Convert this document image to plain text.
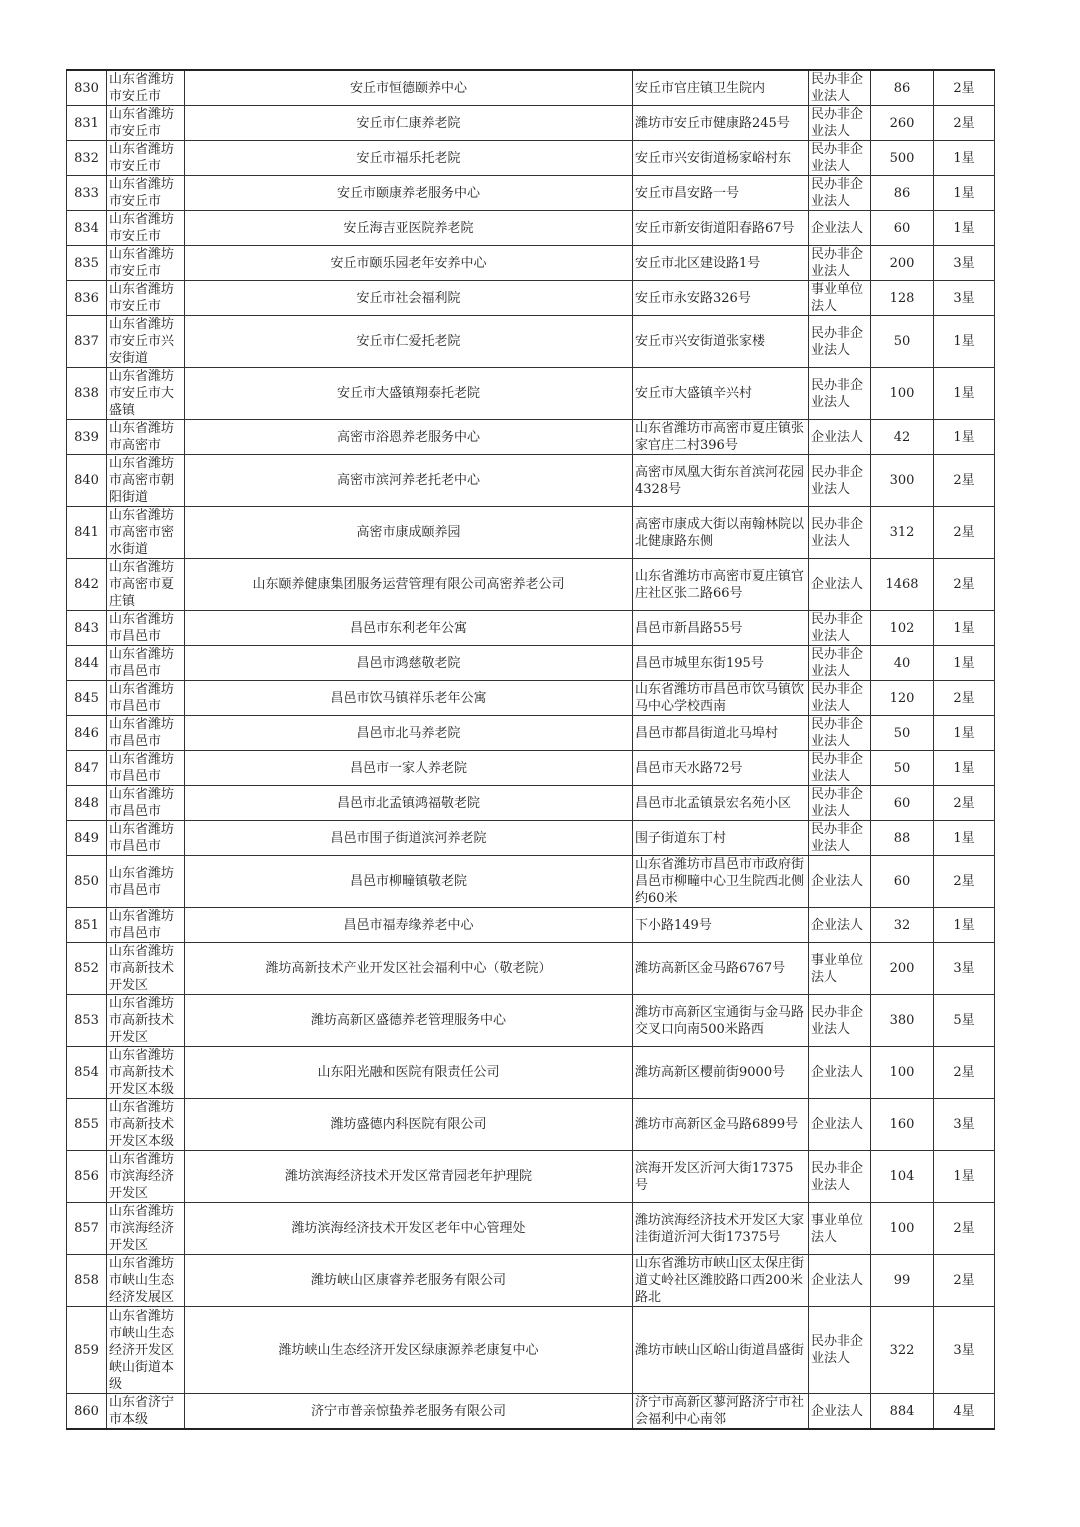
830	山东省潍坊市安丘市	安丘市恒德颐养中心	安丘市官庄镇卫生院内	民办非企业法人	86	2星
831	山东省潍坊市安丘市	安丘市仁康养老院	潍坊市安丘市健康路245号	民办非企业法人	260	2星
832	山东省潍坊市安丘市	安丘市福乐托老院	安丘市兴安街道杨家峪村东	民办非企业法人	500	1星
833	山东省潍坊市安丘市	安丘市颐康养老服务中心	安丘市昌安路一号	民办非企业法人	86	1星
834	山东省潍坊市安丘市	安丘海吉亚医院养老院	安丘市新安街道阳春路67号	企业法人	60	1星
835	山东省潍坊市安丘市	安丘市颐乐园老年安养中心	安丘市北区建设路1号	民办非企业法人	200	3星
836	山东省潍坊市安丘市	安丘市社会福利院	安丘市永安路326号	事业单位法人	128	3星
837	山东省潍坊市安丘市兴安街道	安丘市仁爱托老院	安丘市兴安街道张家楼	民办非企业法人	50	1星
838	山东省潍坊市安丘市大盛镇	安丘市大盛镇翔泰托老院	安丘市大盛镇辛兴村	民办非企业法人	100	1星
839	山东省潍坊市高密市	高密市浴恩养老服务中心	山东省潍坊市高密市夏庄镇张家官庄二村396号	企业法人	42	1星
840	山东省潍坊市高密市朝阳街道	高密市滨河养老托老中心	高密市凤凰大街东首滨河花园4328号	民办非企业法人	300	2星
841	山东省潍坊市高密市密水街道	高密市康成颐养园	高密市康成大街以南翰林院以北健康路东侧	民办非企业法人	312	2星
842	山东省潍坊市高密市夏庄镇	山东颐养健康集团服务运营管理有限公司高密养老公司	山东省潍坊市高密市夏庄镇官庄社区张二路66号	企业法人	1468	2星
843	山东省潍坊市昌邑市	昌邑市东利老年公寓	昌邑市新昌路55号	民办非企业法人	102	1星
844	山东省潍坊市昌邑市	昌邑市鸿慈敬老院	昌邑市城里东街195号	民办非企业法人	40	1星
845	山东省潍坊市昌邑市	昌邑市饮马镇祥乐老年公寓	山东省潍坊市昌邑市饮马镇饮马中心学校西南	民办非企业法人	120	2星
846	山东省潍坊市昌邑市	昌邑市北马养老院	昌邑市都昌街道北马埠村	民办非企业法人	50	1星
847	山东省潍坊市昌邑市	昌邑市一家人养老院	昌邑市天水路72号	民办非企业法人	50	1星
848	山东省潍坊市昌邑市	昌邑市北孟镇鸿福敬老院	昌邑市北孟镇景宏名苑小区	民办非企业法人	60	2星
849	山东省潍坊市昌邑市	昌邑市围子街道滨河养老院	围子街道东丁村	民办非企业法人	88	1星
850	山东省潍坊市昌邑市	昌邑市柳疃镇敬老院	山东省潍坊市昌邑市市政府街昌邑市柳疃中心卫生院西北侧约60米	企业法人	60	2星
851	山东省潍坊市昌邑市	昌邑市福寿缘养老中心	下小路149号	企业法人	32	1星
852	山东省潍坊市高新技术开发区	潍坊高新技术产业开发区社会福利中心（敬老院）	潍坊高新区金马路6767号	事业单位法人	200	3星
853	山东省潍坊市高新技术开发区	潍坊高新区盛德养老管理服务中心	潍坊市高新区宝通街与金马路交叉口向南500米路西	民办非企业法人	380	5星
854	山东省潍坊市高新技术开发区本级	山东阳光融和医院有限责任公司	潍坊高新区樱前街9000号	企业法人	100	2星
855	山东省潍坊市高新技术开发区本级	潍坊盛德内科医院有限公司	潍坊市高新区金马路6899号	企业法人	160	3星
856	山东省潍坊市滨海经济开发区	潍坊滨海经济技术开发区常青园老年护理院	滨海开发区沂河大街17375号	民办非企业法人	104	1星
857	山东省潍坊市滨海经济开发区	潍坊滨海经济技术开发区老年中心管理处	潍坊滨海经济技术开发区大家洼街道沂河大街17375号	事业单位法人	100	2星
858	山东省潍坊市峡山生态经济发展区	潍坊峡山区康睿养老服务有限公司	山东省潍坊市峡山区太保庄街道丈岭社区潍胶路口西200米路北	企业法人	99	2星
859	山东省潍坊市峡山生态经济开发区峡山街道本级	潍坊峡山生态经济开发区绿康源养老康复中心	潍坊市峡山区峪山街道昌盛街	民办非企业法人	322	3星
860	山东省济宁市本级	济宁市普亲惊蛰养老服务有限公司	济宁市高新区蓼河路济宁市社会福利中心南邻	企业法人	884	4星
